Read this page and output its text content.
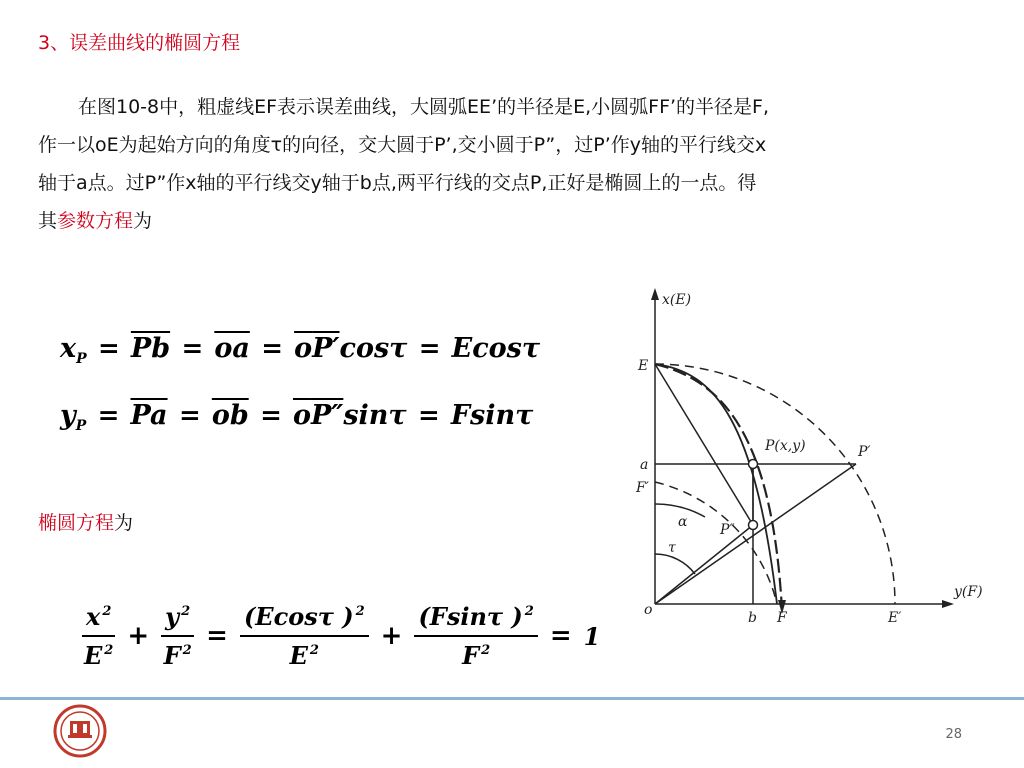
3、误差曲线的椭圆方程
在图10-8中，粗虚线EF表示误差曲线，大圆弧EE’的半径是E,小圆弧FF’的半径是F,
作一以oE为起始方向的角度τ的向径，交大圆于P’,交小圆于P”，过P’作y轴的平行线交x
轴于a点。过P”作x轴的平行线交y轴于b点,两平行线的交点P,正好是椭圆上的一点。得
其参数方程为
$x_P = \overline{Pb} = \overline{oa} = \overline{o}P'\cos\tau = Ecos\tau$
$y_P = \overline{Pa} = \overline{ob} = \overline{o}P''\sin\tau = Fsin\tau$
椭圆方程为
$\frac{x ^2}{E ^2} + \frac{y ^2}{F ^2} = \frac{(Ecos\tau ) ^2}{E ^2} + \frac{(Fsin\tau ) ^2}{F ^2} = 1$
x(E)
y(F)
E
a
F′
o	b F	E′
P(x,y)	P′
P″
α
τ
28
